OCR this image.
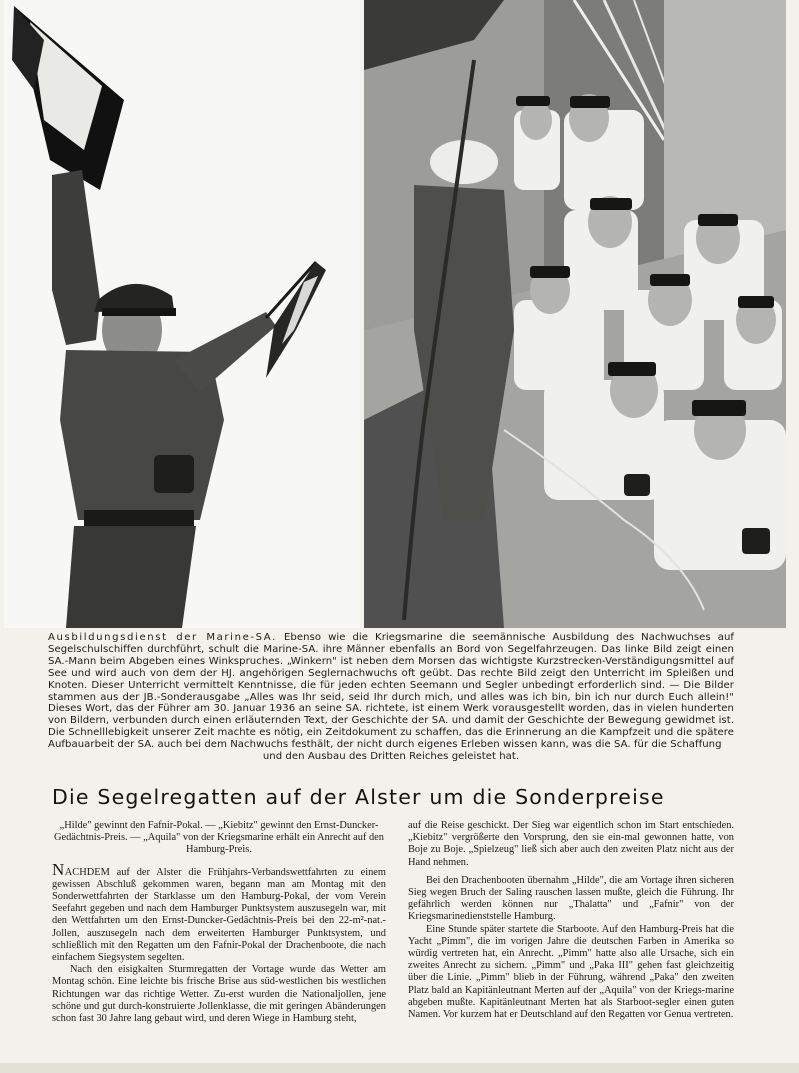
Ausbildungsdienst der Marine-SA. Ebenso wie die Kriegsmarine die seemännische Ausbildung des Nachwuchses auf Segelschulschiffen durchführt, schult die Marine-SA. ihre Männer ebenfalls an Bord von Segelfahrzeugen. Das linke Bild zeigt einen SA.-Mann beim Abgeben eines Winkspruches. „Winkern" ist neben dem Morsen das wichtigste Kurzstrecken-Verständigungsmittel auf See und wird auch von dem der HJ. angehörigen Seglernachwuchs oft geübt. Das rechte Bild zeigt den Unterricht im Spleißen und Knoten. Dieser Unterricht vermittelt Kenntnisse, die für jeden echten Seemann und Segler unbedingt erforderlich sind. — Die Bilder stammen aus der JB.-Sonderausgabe „Alles was Ihr seid, seid Ihr durch mich, und alles was ich bin, bin ich nur durch Euch allein!" Dieses Wort, das der Führer am 30. Januar 1936 an seine SA. richtete, ist einem Werk vorausgestellt worden, das in vielen hunderten von Bildern, verbunden durch einen erläuternden Text, der Geschichte der SA. und damit der Geschichte der Bewegung gewidmet ist. Die Schnelllebigkeit unserer Zeit machte es nötig, ein Zeitdokument zu schaffen, das die Erinnerung an die Kampfzeit und die spätere Aufbauarbeit der SA. auch bei dem Nachwuchs festhält, der nicht durch eigenes Erleben wissen kann, was die SA. für die Schaffung
und den Ausbau des Dritten Reiches geleistet hat.
Die Segelregatten auf der Alster um die Sonderpreise

„Hilde" gewinnt den Fafnir-Pokal. — „Kiebitz" gewinnt den Ernst-Duncker-Gedächtnis-Preis. — „Aquila" von der Kriegsmarine erhält ein Anrecht auf den Hamburg-Preis.

NACHDEM auf der Alster die Frühjahrs-Verbandswettfahrten zu einem gewissen Abschluß gekommen waren, begann man am Montag mit den Sonderwettfahrten der Starklasse um den Hamburg-Pokal, der vom Verein Seefahrt gegeben und nach dem Hamburger Punktsystem auszusegeln war, mit den Wettfahrten um den Ernst-Duncker-Gedächtnis-Preis bei den 22-m²-nat.-Jollen, auszusegeln nach dem erweiterten Hamburger Punktsystem, und schließlich mit den Regatten um den Fafnir-Pokal der Drachenboote, die nach einfachem Siegsystem segelten.

Nach den eisigkalten Sturmregatten der Vortage wurde das Wetter am Montag schön. Eine leichte bis frische Brise aus süd-westlichen bis westlichen Richtungen war das richtige Wetter. Zu-erst wurden die Nationaljollen, jene schöne und gut durch-konstruierte Jollenklasse, die mit geringen Abänderungen schon fast 30 Jahre lang gebaut wird, und deren Wiege in Hamburg steht,

auf die Reise geschickt. Der Sieg war eigentlich schon im Start entschieden. „Kiebitz" vergrößerte den Vorsprung, den sie ein-mal gewonnen hatte, von Boje zu Boje. „Spielzeug" ließ sich aber auch den zweiten Platz nicht aus der Hand nehmen.

Bei den Drachenbooten übernahm „Hilde", die am Vortage ihren sicheren Sieg wegen Bruch der Saling rauschen lassen mußte, gleich die Führung. Ihr gefährlich werden können nur „Thalatta" und „Fafnir" von der Kriegsmarinedienststelle Hamburg.

Eine Stunde später startete die Starboote. Auf den Hamburg-Preis hat die Yacht „Pimm", die im vorigen Jahre die deutschen Farben in Amerika so würdig vertreten hat, ein Anrecht. „Pimm" hatte also alle Ursache, sich ein zweites Anrecht zu sichern. „Pimm" und „Paka III" gehen fast gleichzeitig über die Linie. „Pimm" blieb in der Führung, während „Paka" den zweiten Platz bald an Kapitänleutnant Merten auf der „Aquila" von der Kriegs-marine abgeben mußte. Kapitänleutnant Merten hat als Starboot-segler einen guten Namen. Vor kurzem hat er Deutschland auf den Regatten vor Genua vertreten.
